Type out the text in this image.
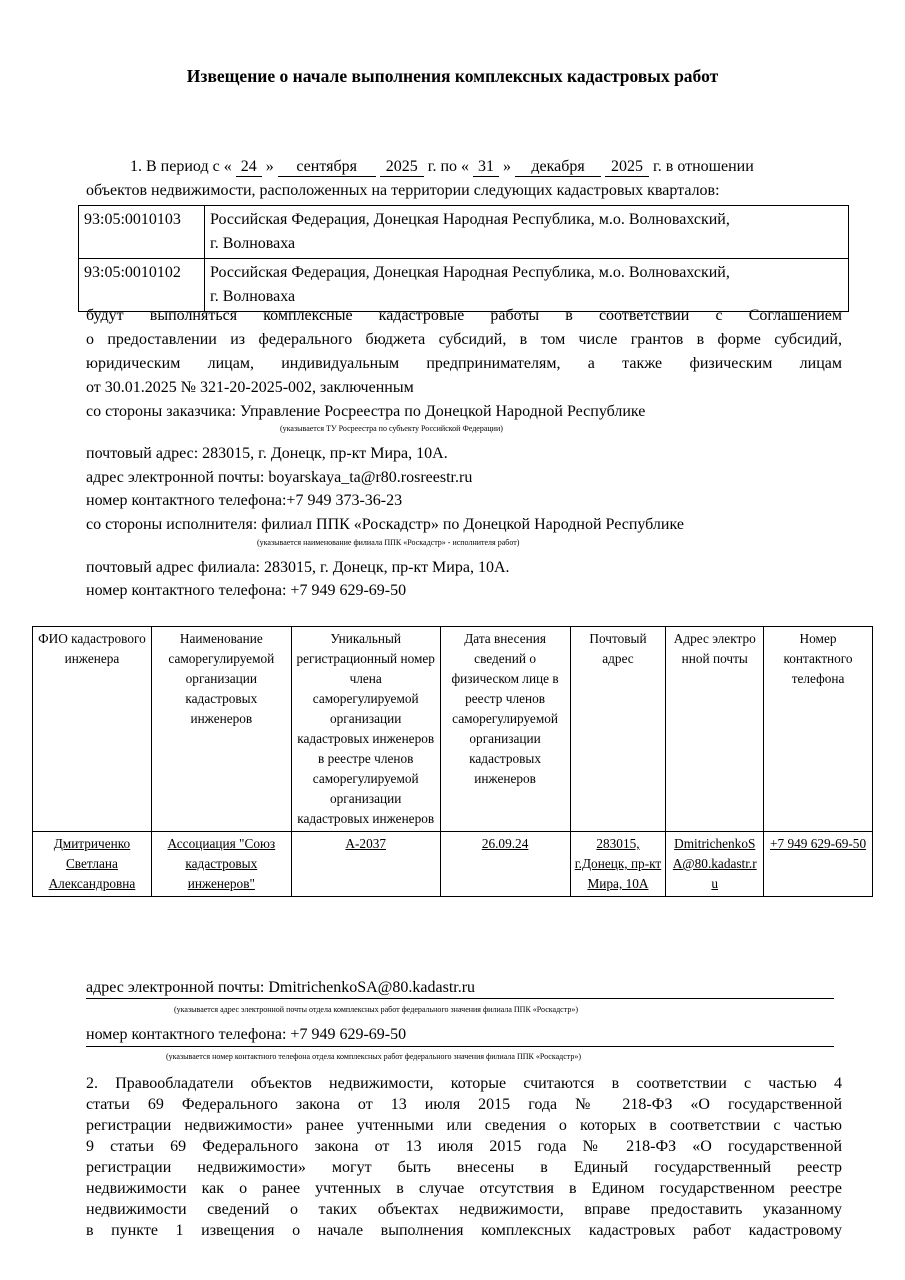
Извещение о начале выполнения комплексных кадастровых работ
1. В период с « 24 » сентября 2025 г. по « 31 » декабря 2025 г. в отношении
объектов недвижимости, расположенных на территории следующих кадастровых кварталов:
93:05:0010103	Российская Федерация, Донецкая Народная Республика, м.о. Волновахский,
г. Волноваха

93:05:0010102	Российская Федерация, Донецкая Народная Республика, м.о. Волновахский,
г. Волноваха
будут выполняться комплексные кадастровые работы в соответствии с Соглашением
о предоставлении из федерального бюджета субсидий, в том числе грантов в форме субсидий,
юридическим лицам, индивидуальным предпринимателям, а также физическим лицам
от 30.01.2025 № 321-20-2025-002, заключенным
со стороны заказчика: Управление Росреестра по Донецкой Народной Республике
(указывается ТУ Росреестра по субъекту Российской Федерации)
почтовый адрес: 283015, г. Донецк, пр-кт Мира, 10А.
адрес электронной почты: boyarskaya_ta@r80.rosreestr.ru
номер контактного телефона:+7 949 373-36-23
со стороны исполнителя: филиал ППК «Роскадстр» по Донецкой Народной Республике
(указывается наименование филиала ППК «Роскадстр» - исполнителя работ)
почтовый адрес филиала: 283015, г. Донецк, пр-кт Мира, 10А.
номер контактного телефона: +7 949 629-69-50
ФИО кадастрового инженера	Наименование саморегулируемой организации кадастровых инженеров	Уникальный регистрационный номер члена саморегулируемой организации кадастровых инженеров в реестре членов саморегулируемой организации кадастровых инженеров	Дата внесения сведений о физическом лице в реестр членов саморегулируемой организации кадастровых инженеров	Почтовый адрес	Адрес электронной почты	Номер контактного телефона
Дмитриченко Светлана Александровна	Ассоциация "Союз кадастровых инженеров"	А-2037	26.09.24	283015, г.Донецк, пр-кт Мира, 10А	DmitrichenkoSA@80.kadastr.ru	+7 949 629-69-50
адрес электронной почты: DmitrichenkoSA@80.kadastr.ru
(указывается адрес электронной почты отдела комплексных работ федерального значения филиала ППК «Роскадстр»)
номер контактного телефона: +7 949 629-69-50
(указывается номер контактного телефона отдела комплексных работ федерального значения филиала ППК «Роскадстр»)
2. Правообладатели объектов недвижимости, которые считаются в соответствии с частью 4
статьи 69 Федерального закона от 13 июля 2015 года № 218-ФЗ «О государственной
регистрации недвижимости» ранее учтенными или сведения о которых в соответствии с частью
9 статьи 69 Федерального закона от 13 июля 2015 года № 218-ФЗ «О государственной
регистрации недвижимости» могут быть внесены в Единый государственный реестр
недвижимости как о ранее учтенных в случае отсутствия в Едином государственном реестре
недвижимости сведений о таких объектах недвижимости, вправе предоставить указанному
в пункте 1 извещения о начале выполнения комплексных кадастровых работ кадастровому
